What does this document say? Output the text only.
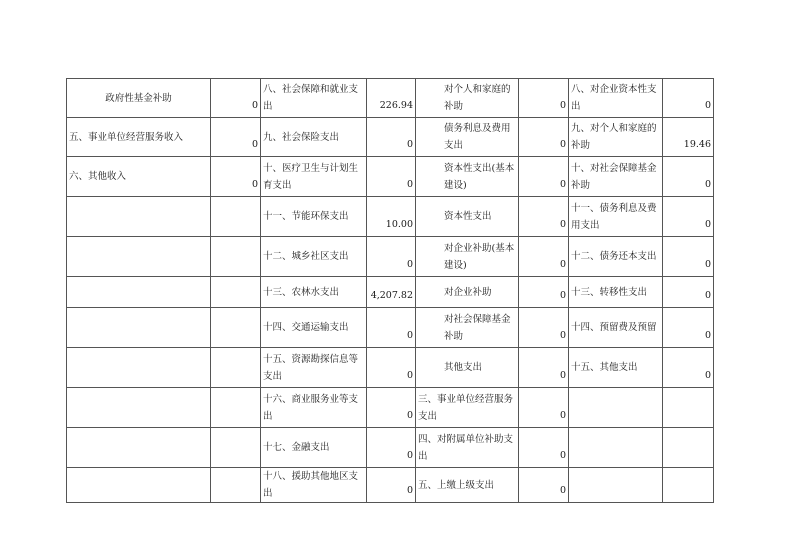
政府性基金补助	0	八、社会保障和就业支出	226.94	对个人和家庭的补助	0	八、对企业资本性支出	0
五、事业单位经营服务收入	0	九、社会保险支出	0	债务利息及费用支出	0	九、对个人和家庭的补助	19.46
六、其他收入	0	十、医疗卫生与计划生育支出	0	资本性支出(基本建设)	0	十、对社会保障基金补助	0
		十一、节能环保支出	10.00	资本性支出	0	十一、债务利息及费用支出	0
		十二、城乡社区支出	0	对企业补助(基本建设)	0	十二、债务还本支出	0
		十三、农林水支出	4,207.82	对企业补助	0	十三、转移性支出	0
		十四、交通运输支出	0	对社会保障基金补助	0	十四、预留费及预留	0
		十五、资源勘探信息等支出	0	其他支出	0	十五、其他支出	0
		十六、商业服务业等支出	0	三、事业单位经营服务支出	0		
		十七、金融支出	0	四、对附属单位补助支出	0		
		十八、援助其他地区支出	0	五、上缴上级支出	0		
